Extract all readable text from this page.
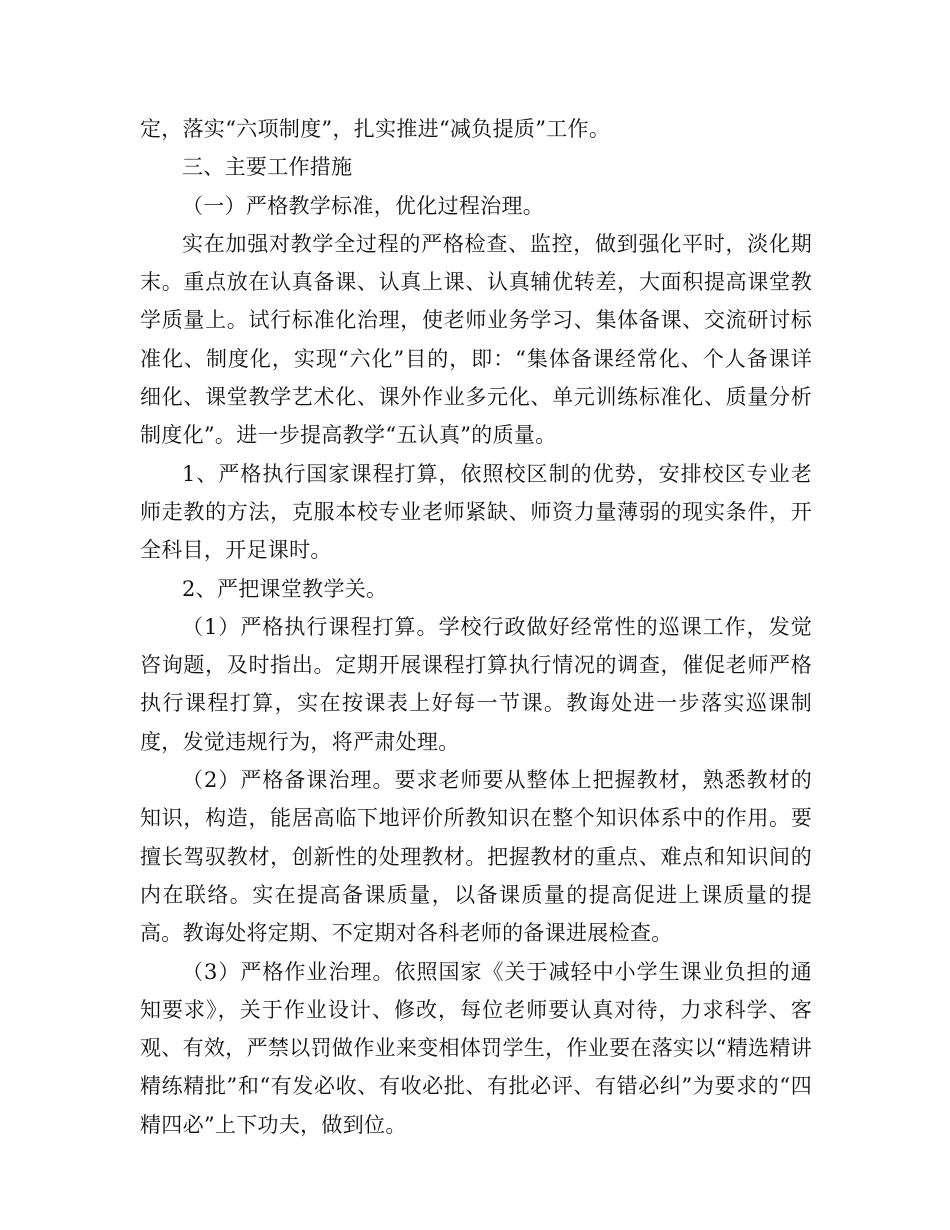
定，落实“六项制度”，扎实推进“减负提质”工作。

三、主要工作措施

（一）严格教学标准，优化过程治理。

实在加强对教学全过程的严格检查、监控，做到强化平时，淡化期末。重点放在认真备课、认真上课、认真辅优转差，大面积提高课堂教学质量上。试行标准化治理，使老师业务学习、集体备课、交流研讨标准化、制度化，实现“六化”目的，即：“集体备课经常化、个人备课详细化、课堂教学艺术化、课外作业多元化、单元训练标准化、质量分析制度化”。进一步提高教学“五认真”的质量。

1、严格执行国家课程打算，依照校区制的优势，安排校区专业老师走教的方法，克服本校专业老师紧缺、师资力量薄弱的现实条件，开全科目，开足课时。

2、严把课堂教学关。

（1）严格执行课程打算。学校行政做好经常性的巡课工作，发觉咨询题，及时指出。定期开展课程打算执行情况的调查，催促老师严格执行课程打算，实在按课表上好每一节课。教诲处进一步落实巡课制度，发觉违规行为，将严肃处理。

（2）严格备课治理。要求老师要从整体上把握教材，熟悉教材的知识，构造，能居高临下地评价所教知识在整个知识体系中的作用。要擅长驾驭教材，创新性的处理教材。把握教材的重点、难点和知识间的内在联络。实在提高备课质量，以备课质量的提高促进上课质量的提高。教诲处将定期、不定期对各科老师的备课进展检查。

（3）严格作业治理。依照国家《关于减轻中小学生课业负担的通知要求》，关于作业设计、修改，每位老师要认真对待，力求科学、客观、有效，严禁以罚做作业来变相体罚学生，作业要在落实以“精选精讲精练精批”和“有发必收、有收必批、有批必评、有错必纠”为要求的“四精四必”上下功夫，做到位。
